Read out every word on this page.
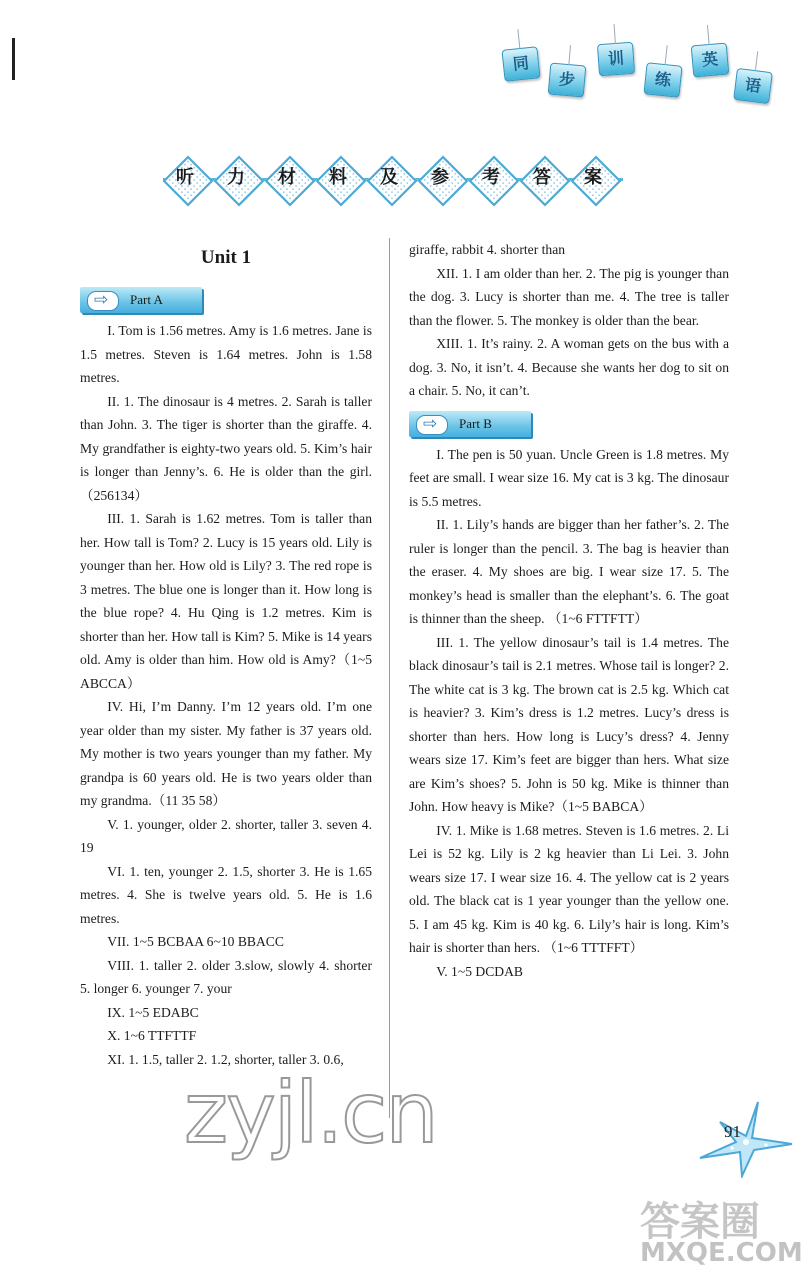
同
步
训
练
英
语
听	力	材	料	及	参	考	答	案
Unit 1
⇨
Part A

I. Tom is 1.56 metres. Amy is 1.6 metres. Jane is 1.5 metres. Steven is 1.64 metres. John is 1.58 metres.

II. 1. The dinosaur is 4 metres. 2. Sarah is taller than John. 3. The tiger is shorter than the giraffe. 4. My grandfather is eighty-two years old. 5. Kim’s hair is longer than Jenny’s. 6. He is older than the girl.（256134）

III. 1. Sarah is 1.62 metres. Tom is taller than her. How tall is Tom? 2. Lucy is 15 years old. Lily is younger than her. How old is Lily? 3. The red rope is 3 metres. The blue one is longer than it. How long is the blue rope? 4. Hu Qing is 1.2 metres. Kim is shorter than her. How tall is Kim? 5. Mike is 14 years old. Amy is older than him. How old is Amy?（1~5 ABCCA）

IV. Hi, I’m Danny. I’m 12 years old. I’m one year older than my sister. My father is 37 years old. My mother is two years younger than my father. My grandpa is 60 years old. He is two years older than my grandma.（11 35 58）

V. 1. younger, older 2. shorter, taller 3. seven 4. 19

VI. 1. ten, younger 2. 1.5, shorter 3. He is 1.65 metres. 4. She is twelve years old. 5. He is 1.6 metres.

VII. 1~5 BCBAA 6~10 BBACC

VIII. 1. taller 2. older 3.slow, slowly 4. shorter 5. longer 6. younger 7. your

IX. 1~5 EDABC

X. 1~6 TTFTTF

XI. 1. 1.5, taller 2. 1.2, shorter, taller 3. 0.6,

giraffe, rabbit 4. shorter than

XII. 1. I am older than her. 2. The pig is younger than the dog. 3. Lucy is shorter than me. 4. The tree is taller than the flower. 5. The monkey is older than the bear.

XIII. 1. It’s rainy. 2. A woman gets on the bus with a dog. 3. No, it isn’t. 4. Because she wants her dog to sit on a chair. 5. No, it can’t.

⇨
Part B

I. The pen is 50 yuan. Uncle Green is 1.8 metres. My feet are small. I wear size 16. My cat is 3 kg. The dinosaur is 5.5 metres.

II. 1. Lily’s hands are bigger than her father’s. 2. The ruler is longer than the pencil. 3. The bag is heavier than the eraser. 4. My shoes are big. I wear size 17. 5. The monkey’s head is smaller than the elephant’s. 6. The goat is thinner than the sheep. （1~6 FTTFTT）

III. 1. The yellow dinosaur’s tail is 1.4 metres. The black dinosaur’s tail is 2.1 metres. Whose tail is longer? 2. The white cat is 3 kg. The brown cat is 2.5 kg. Which cat is heavier? 3. Kim’s dress is 1.2 metres. Lucy’s dress is shorter than hers. How long is Lucy’s dress? 4. Jenny wears size 17. Kim’s feet are bigger than hers. What size are Kim’s shoes? 5. John is 50 kg. Mike is thinner than John. How heavy is Mike?（1~5 BABCA）

IV. 1. Mike is 1.68 metres. Steven is 1.6 metres. 2. Li Lei is 52 kg. Lily is 2 kg heavier than Li Lei. 3. John wears size 17. I wear size 16. 4. The yellow cat is 2 years old. The black cat is 1 year younger than the yellow one. 5. I am 45 kg. Kim is 40 kg. 6. Lily’s hair is long. Kim’s hair is shorter than hers. （1~6 TTTFFT）

V. 1~5 DCDAB

91
zyjl.cn
答案圈
MXQE.COM
